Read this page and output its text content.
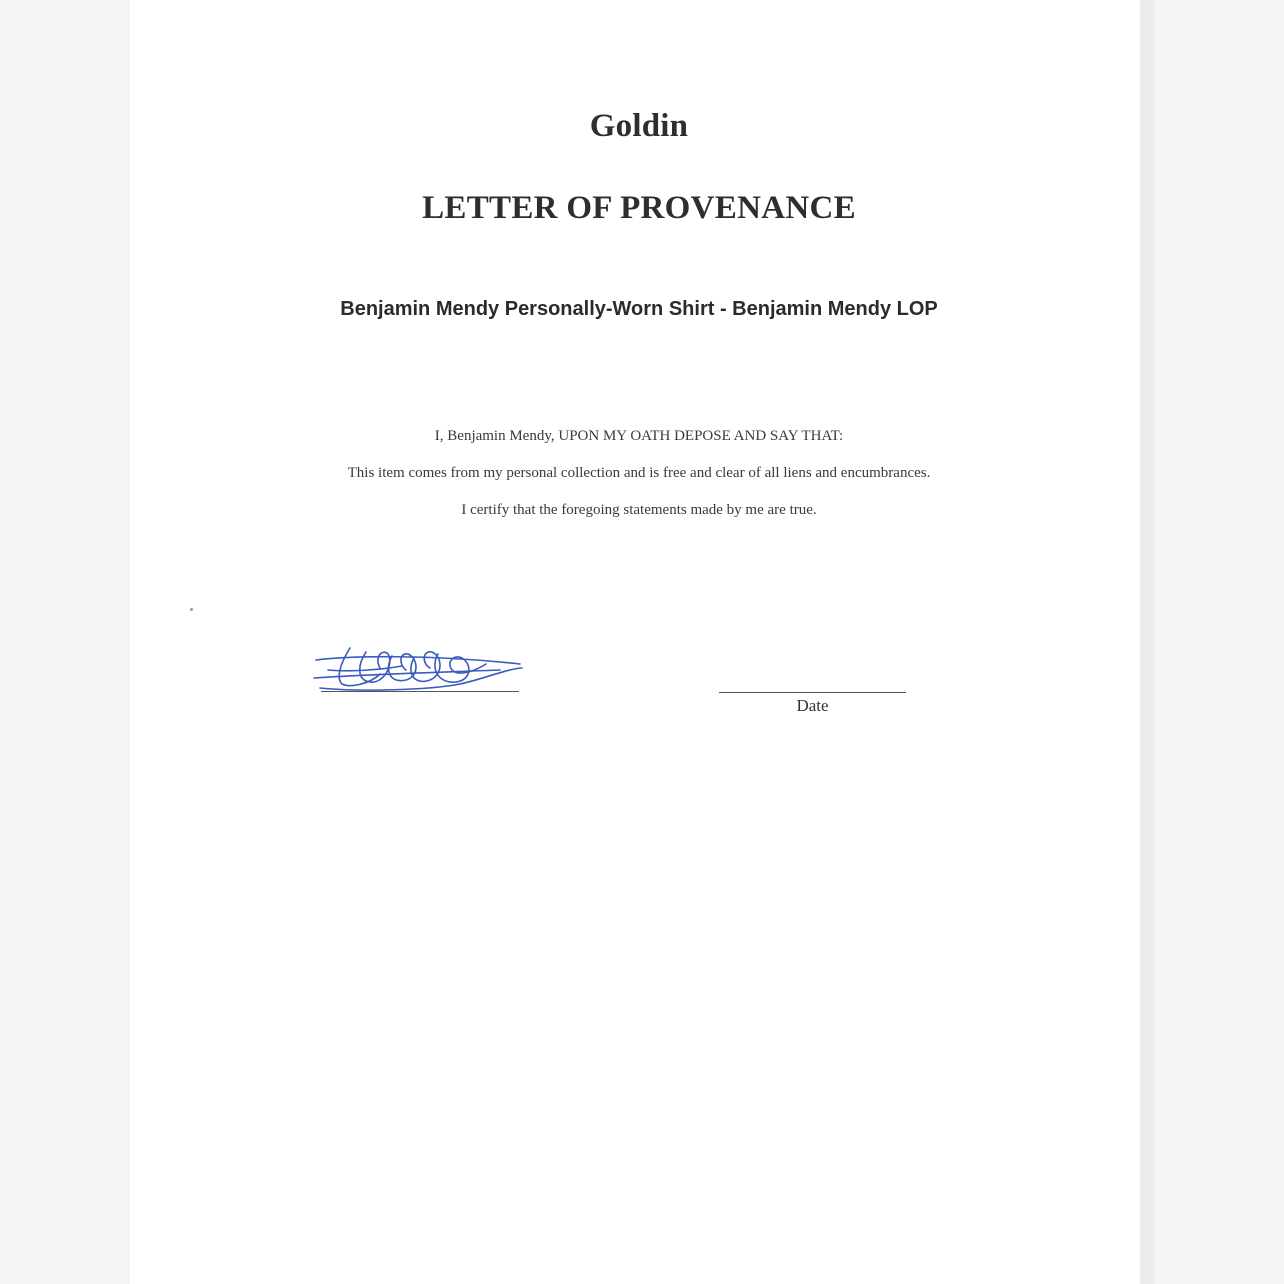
Goldin
LETTER OF PROVENANCE
Benjamin Mendy Personally-Worn Shirt - Benjamin Mendy LOP
I, Benjamin Mendy, UPON MY OATH DEPOSE AND SAY THAT:
This item comes from my personal collection and is free and clear of all liens and encumbrances.
I certify that the foregoing statements made by me are true.
Date
